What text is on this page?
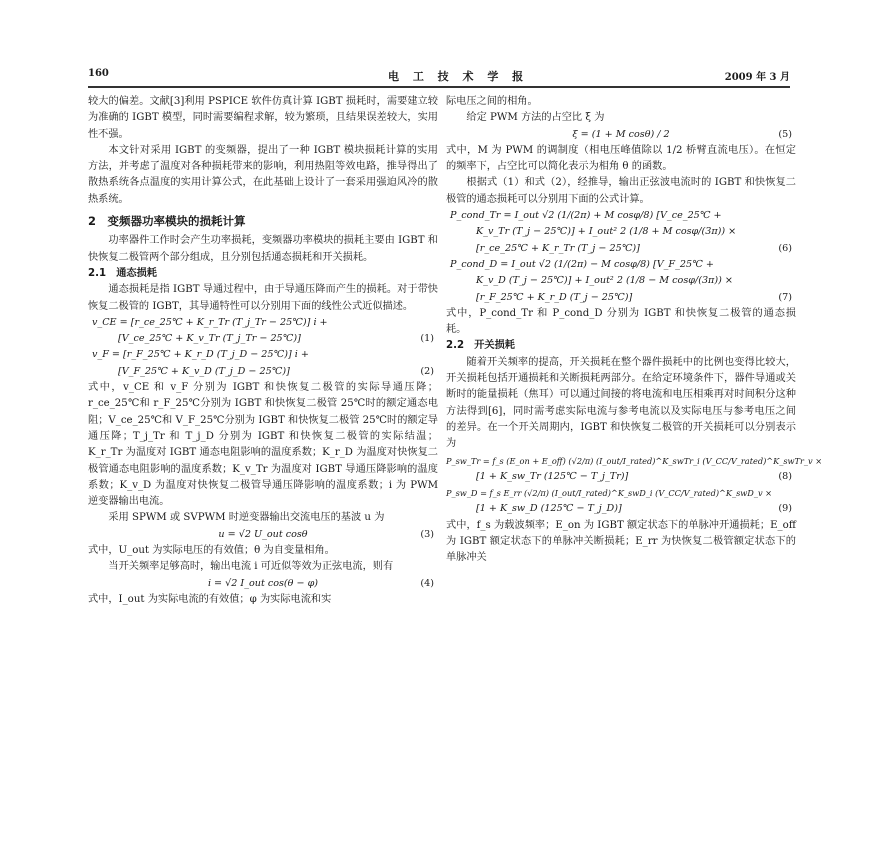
160	电 工 技 术 学 报	2009 年 3 月

较大的偏差。文献[3]利用 PSPICE 软件仿真计算 IGBT 损耗时，需要建立较为准确的 IGBT 模型，同时需要编程求解，较为繁琐，且结果误差较大，实用性不强。

本文针对采用 IGBT 的变频器，提出了一种 IGBT 模块损耗计算的实用方法，并考虑了温度对各种损耗带来的影响，利用热阻等效电路，推导得出了散热系统各点温度的实用计算公式，在此基础上设计了一套采用强迫风冷的散热系统。

2　变频器功率模块的损耗计算

功率器件工作时会产生功率损耗，变频器功率模块的损耗主要由 IGBT 和快恢复二极管两个部分组成，且分别包括通态损耗和开关损耗。

2.1　通态损耗

通态损耗是指 IGBT 导通过程中，由于导通压降而产生的损耗。对于带快恢复二极管的 IGBT，其导通特性可以分别用下面的线性公式近似描述。

v_CE = [r_ce_25℃ + K_r_Tr (T_j_Tr − 25℃)] i +
[V_ce_25℃ + K_v_Tr (T_j_Tr − 25℃)]	(1)
v_F = [r_F_25℃ + K_r_D (T_j_D − 25℃)] i +
[V_F_25℃ + K_v_D (T_j_D − 25℃)]	(2)

式中，v_CE 和 v_F 分别为 IGBT 和快恢复二极管的实际导通压降；r_ce_25℃和 r_F_25℃分别为 IGBT 和快恢复二极管 25℃时的额定通态电阻；V_ce_25℃和 V_F_25℃分别为 IGBT 和快恢复二极管 25℃时的额定导通压降；T_j_Tr 和 T_j_D 分别为 IGBT 和快恢复二极管的实际结温；K_r_Tr 为温度对 IGBT 通态电阻影响的温度系数；K_r_D 为温度对快恢复二极管通态电阻影响的温度系数；K_v_Tr 为温度对 IGBT 导通压降影响的温度系数；K_v_D 为温度对快恢复二极管导通压降影响的温度系数；i 为 PWM 逆变器输出电流。

采用 SPWM 或 SVPWM 时逆变器输出交流电压的基波 u 为

u = √2 U_out cosθ	(3)

式中，U_out 为实际电压的有效值；θ 为自变量相角。

当开关频率足够高时，输出电流 i 可近似等效为正弦电流，则有

i = √2 I_out cos(θ − φ)	(4)

式中，I_out 为实际电流的有效值；φ 为实际电流和实

际电压之间的相角。

给定 PWM 方法的占空比 ξ 为

ξ = (1 + M cosθ) / 2	(5)

式中，M 为 PWM 的调制度（相电压峰值除以 1/2 桥臂直流电压）。在恒定的频率下，占空比可以简化表示为相角 θ 的函数。

根据式（1）和式（2），经推导，输出正弦波电流时的 IGBT 和快恢复二极管的通态损耗可以分别用下面的公式计算。

P_cond_Tr = I_out √2 (1/(2π) + M cosφ/8) [V_ce_25℃ +
K_v_Tr (T_j − 25℃)] + I_out² 2 (1/8 + M cosφ/(3π)) ×
[r_ce_25℃ + K_r_Tr (T_j − 25℃)]	(6)
P_cond_D = I_out √2 (1/(2π) − M cosφ/8) [V_F_25℃ +
K_v_D (T_j − 25℃)] + I_out² 2 (1/8 − M cosφ/(3π)) ×
[r_F_25℃ + K_r_D (T_j − 25℃)]	(7)

式中，P_cond_Tr 和 P_cond_D 分别为 IGBT 和快恢复二极管的通态损耗。

2.2　开关损耗

随着开关频率的提高，开关损耗在整个器件损耗中的比例也变得比较大，开关损耗包括开通损耗和关断损耗两部分。在给定环境条件下，器件导通或关断时的能量损耗（焦耳）可以通过间接的将电流和电压相乘再对时间积分这种方法得到[6]，同时需考虑实际电流与参考电流以及实际电压与参考电压之间的差异。在一个开关周期内，IGBT 和快恢复二极管的开关损耗可以分别表示为

P_sw_Tr = f_s (E_on + E_off) (√2/π) (I_out/I_rated)^K_swTr_i (V_CC/V_rated)^K_swTr_v ×
[1 + K_sw_Tr (125℃ − T_j_Tr)]	(8)
P_sw_D = f_s E_rr (√2/π) (I_out/I_rated)^K_swD_i (V_CC/V_rated)^K_swD_v ×
[1 + K_sw_D (125℃ − T_j_D)]	(9)

式中，f_s 为载波频率；E_on 为 IGBT 额定状态下的单脉冲开通损耗；E_off 为 IGBT 额定状态下的单脉冲关断损耗；E_rr 为快恢复二极管额定状态下的单脉冲关
